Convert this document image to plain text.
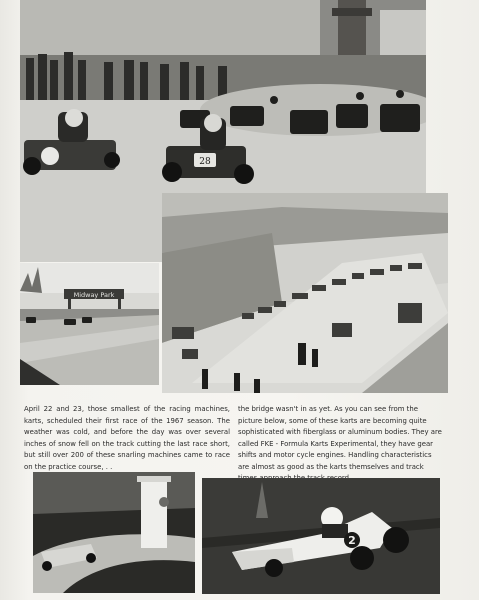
28
Midway Park
April 22 and 23, those smallest of the racing machines, karts, scheduled their first race of the 1967 season. The weather was cold, and before the day was over several inches of snow fell on the track cutting the last race short, but still over 200 of these snarling machines came to race on the practice course, . .
the bridge wasn't in as yet. As you can see from the picture below, some of these karts are becoming quite sophisticated with fiberglass or aluminum bodies. They are called FKE - Formula Karts Experimental, they have gear shifts and motor cycle engines. Handling characteristics are almost as good as the karts themselves and track
2
